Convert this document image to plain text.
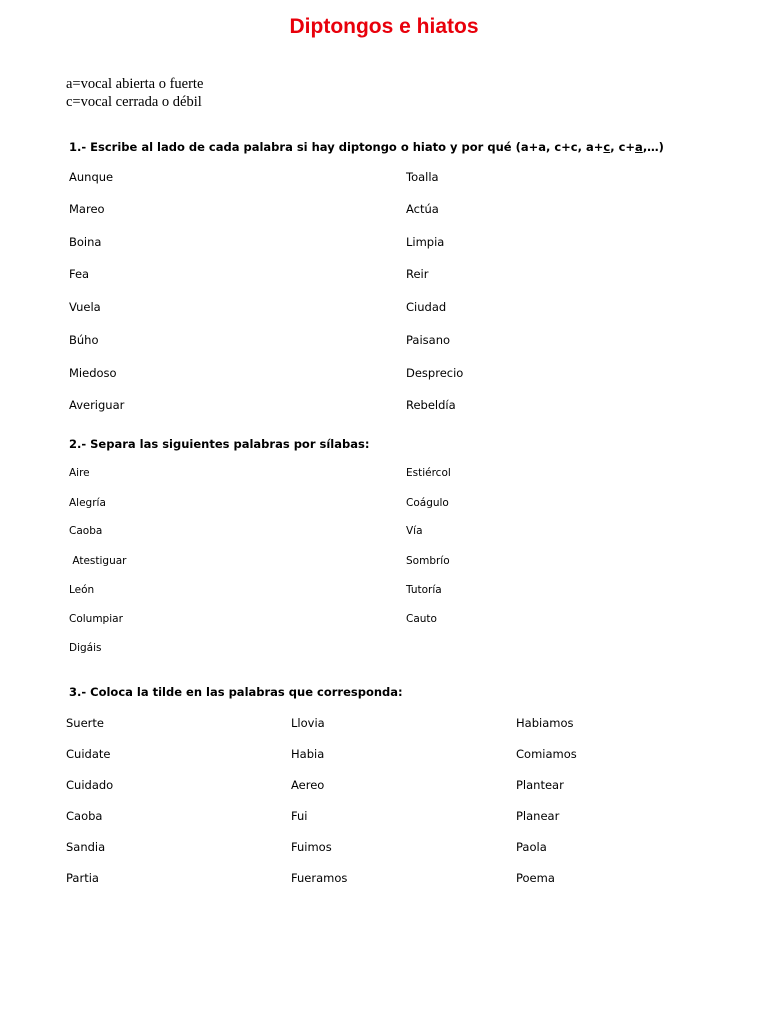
Diptongos e hiatos
a=vocal abierta o fuerte
c=vocal cerrada o débil
1.- Escribe al lado de cada palabra si hay diptongo o hiato y por qué (a+a, c+c, a+c, c+a,…)
Aunque
Mareo
Boina
Fea
Vuela
Búho
Miedoso
Averiguar
Toalla
Actúa
Limpia
Reir
Ciudad
Paisano
Desprecio
Rebeldía
2.- Separa las siguientes palabras por sílabas:
Aire
Alegría
Caoba
Atestiguar
León
Columpiar
Digáis
Estiércol
Coágulo
Vía
Sombrío
Tutoría
Cauto
3.- Coloca la tilde en las palabras que corresponda:
Suerte
Cuidate
Cuidado
Caoba
Sandia
Partia
Llovia
Habia
Aereo
Fui
Fuimos
Fueramos
Habiamos
Comiamos
Plantear
Planear
Paola
Poema
